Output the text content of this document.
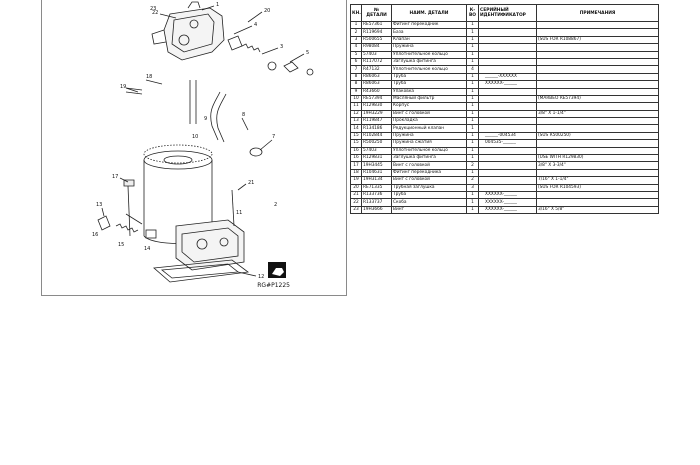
22
1
4
20
3
5
23
19
18
8
7
17
21
13
16
15
14
9
10
11
12
2
RG#P1225
КН.	№ ДЕТАЛИ	НАИМ. ДЕТАЛИ	К-ВО	СЕРИЙНЫЙ ИДЕНТИФИКАТОР	ПРИМЕЧАНИЯ
1	RE57361	Фитинг перекодник	1		
2	R119694	База	1		
3	R500655	Клапан	1		(SUS FOR R108867)
4	R98084	Пружина	1		
5	57403	Уплотнительное кольцо	1		
6	R117072	Заглушка фитинга	1		
7	R47132	Уплотнительное кольцо	4		
8	R86063	Труба	1	______-XXXXXX	
8	R86063	Труба	1	XXXXXX-______	
9	R43660	Упаковка	1		
10	RE57394	Масляный фильтр	1		(MARBEO RE57394)
11	R129830	Корпус	1		
12	19H3229	Винт с головкой	1		3/8" X 1-1/4"
13	R119847	Прокладка	1		
14	R134186	Редукционный клапан	1		
15	R102844	Пружина	1	______-004534	(SUS R500250)
15	R500250	Пружина сжатия	1	004535-______	
16	57403	Уплотнительное кольцо	1		
16	R129831	Заглушка фитинга	1		(USE WITH R129830)
17	19H3445	Винт с головкой	2		3/8" X 3-3/4"
18	R104631	Фитинг перекодника	1		
19	19H3134	Винт с головкой	2		7/16" X 1-1/4"
20	RE71335	Трубная заглушка	3		(SUS FOR R104593)
21	R133736	Труба	1	XXXXXX-______	
22	R133737	Скоба	1	XXXXXX-______	
23	19H3666	Винт	1	XXXXXX-______	3/16" X 5/8"
